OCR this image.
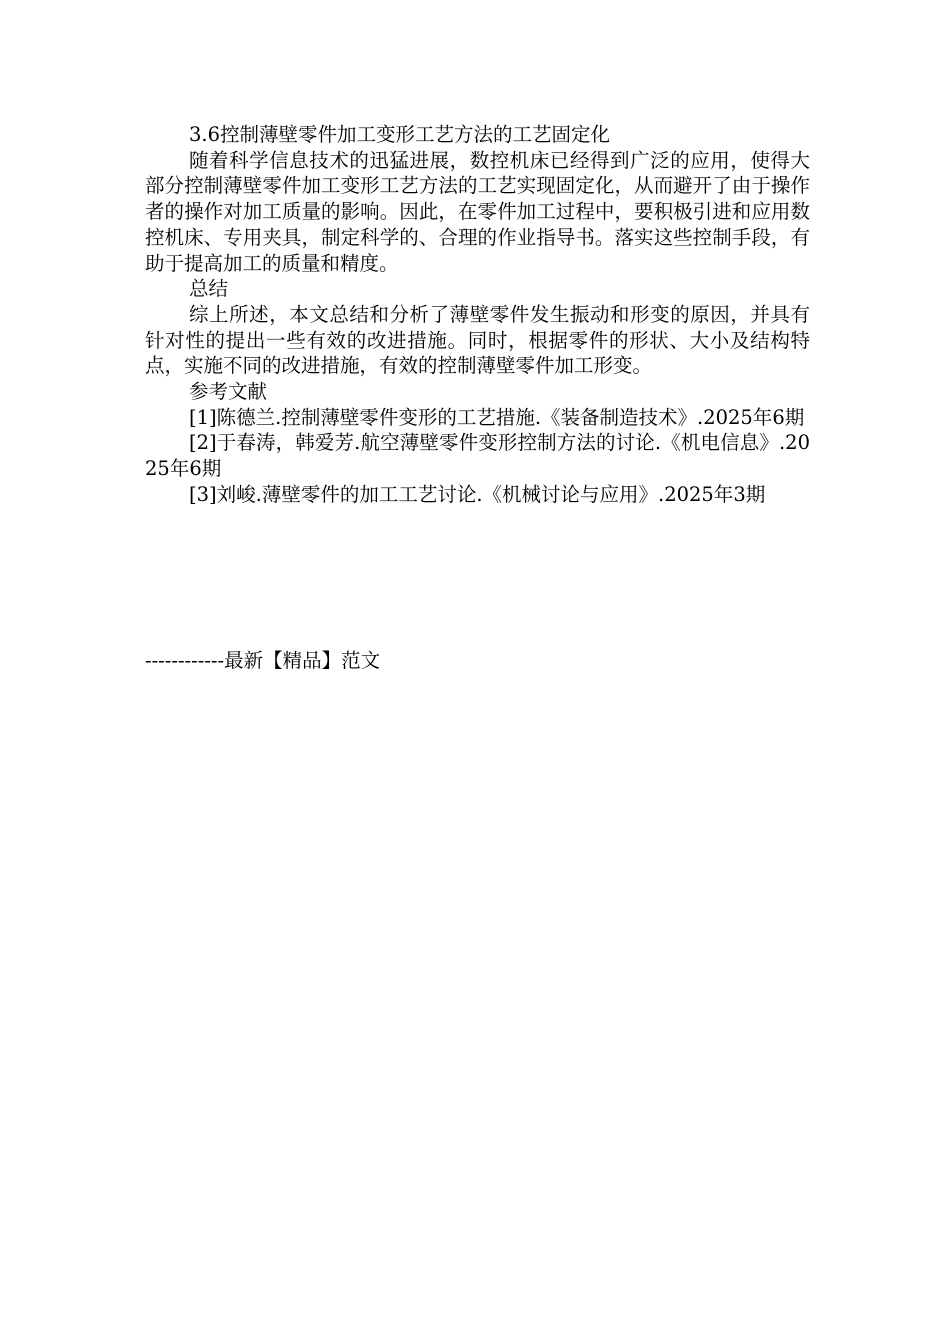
3.6控制薄壁零件加工变形工艺方法的工艺固定化

随着科学信息技术的迅猛进展，数控机床已经得到广泛的应用，使得大部分控制薄壁零件加工变形工艺方法的工艺实现固定化，从而避开了由于操作者的操作对加工质量的影响。因此，在零件加工过程中，要积极引进和应用数控机床、专用夹具，制定科学的、合理的作业指导书。落实这些控制手段，有助于提高加工的质量和精度。

总结

综上所述，本文总结和分析了薄壁零件发生振动和形变的原因，并具有针对性的提出一些有效的改进措施。同时，根据零件的形状、大小及结构特点，实施不同的改进措施，有效的控制薄壁零件加工形变。

参考文献

[1]陈德兰.控制薄壁零件变形的工艺措施.《装备制造技术》.2025年6期

[2]于春涛，韩爱芳.航空薄壁零件变形控制方法的讨论.《机电信息》.2025年6期

[3]刘峻.薄壁零件的加工工艺讨论.《机械讨论与应用》.2025年3期

------------最新【精品】范文
